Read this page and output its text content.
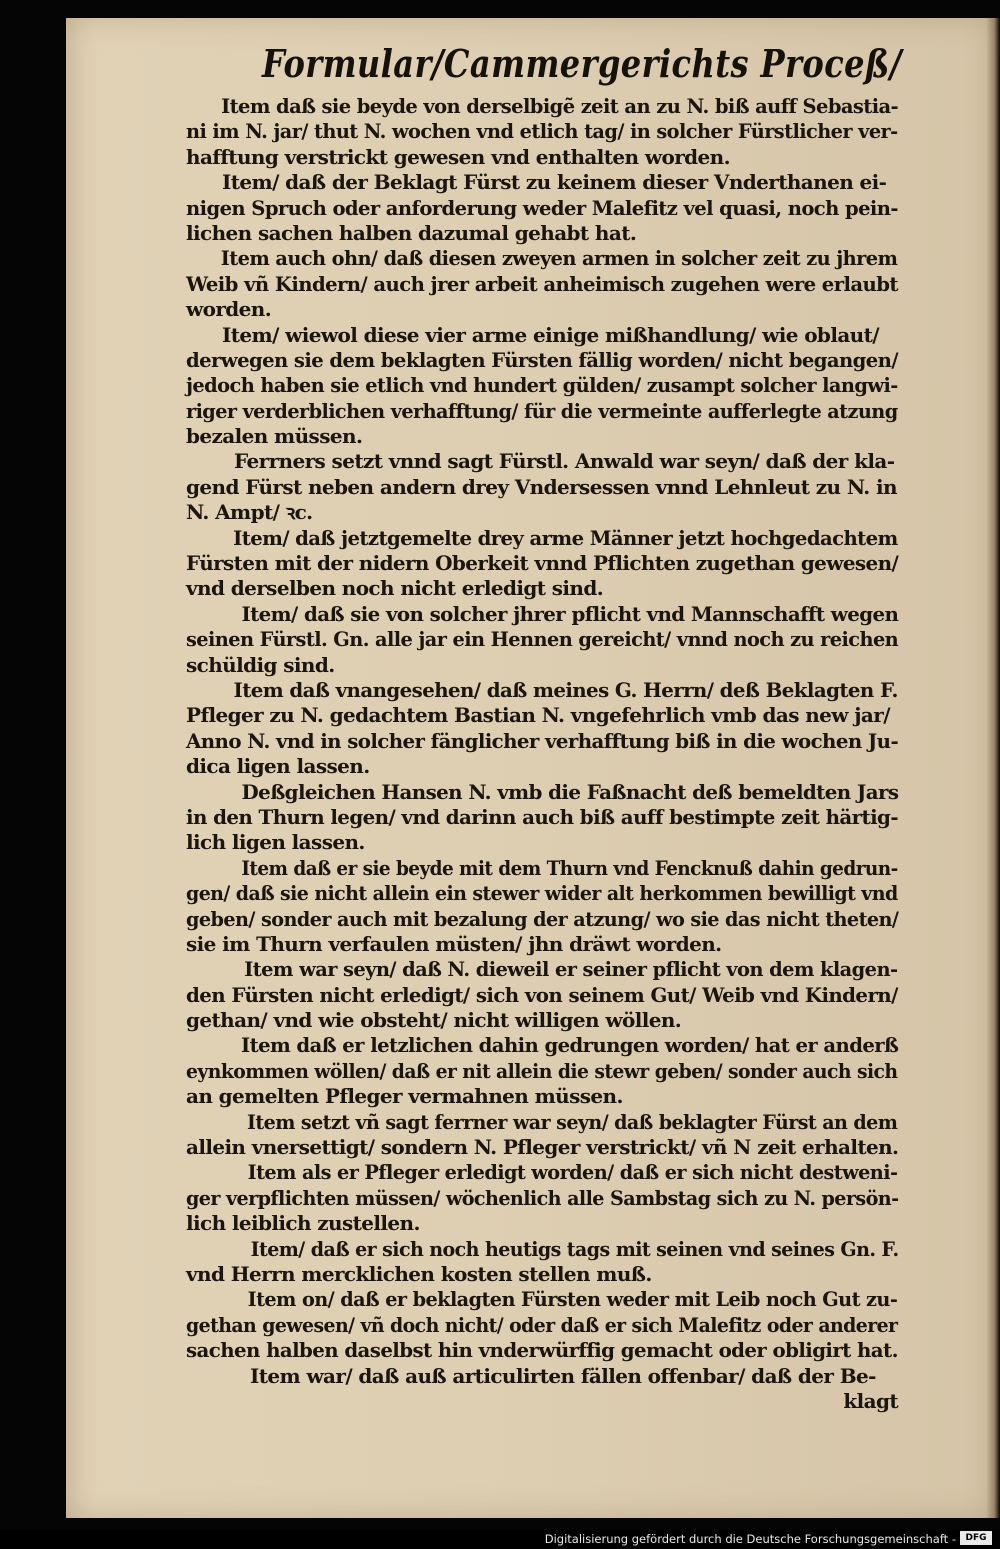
Formular/Cammergerichts Proceß/
Item daß sie beyde von derselbigẽ zeit an zu N. biß auff Sebastia-
ni im N. jar/ thut N. wochen vnd etlich tag/ in solcher Fürstlicher ver-
hafftung verstrickt gewesen vnd enthalten worden.
Item/ daß der Beklagt Fürst zu keinem dieser Vnderthanen ei-
nigen Spruch oder anforderung weder Malefitz vel quasi, noch pein-
lichen sachen halben dazumal gehabt hat.
Item auch ohn/ daß diesen zweyen armen in solcher zeit zu jhrem
Weib vñ Kindern/ auch jrer arbeit anheimisch zugehen were erlaubt
worden.
Item/ wiewol diese vier arme einige mißhandlung/ wie oblaut/
derwegen sie dem beklagten Fürsten fällig worden/ nicht begangen/
jedoch haben sie etlich vnd hundert gülden/ zusampt solcher langwi-
riger verderblichen verhafftung/ für die vermeinte aufferlegte atzung
bezalen müssen.
Ferrners setzt vnnd sagt Fürstl. Anwald war seyn/ daß der kla-
gend Fürst neben andern drey Vndersessen vnnd Lehnleut zu N. in
N. Ampt/ ꝛc.
Item/ daß jetztgemelte drey arme Männer jetzt hochgedachtem
Fürsten mit der nidern Oberkeit vnnd Pflichten zugethan gewesen/
vnd derselben noch nicht erledigt sind.
Item/ daß sie von solcher jhrer pflicht vnd Mannschafft wegen
seinen Fürstl. Gn. alle jar ein Hennen gereicht/ vnnd noch zu reichen
schüldig sind.
Item daß vnangesehen/ daß meines G. Herrn/ deß Beklagten F.
Pfleger zu N. gedachtem Bastian N. vngefehrlich vmb das new jar/
Anno N. vnd in solcher fänglicher verhafftung biß in die wochen Ju-
dica ligen lassen.
Deßgleichen Hansen N. vmb die Faßnacht deß bemeldten Jars
in den Thurn legen/ vnd darinn auch biß auff bestimpte zeit härtig-
lich ligen lassen.
Item daß er sie beyde mit dem Thurn vnd Fencknuß dahin gedrun-
gen/ daß sie nicht allein ein stewer wider alt herkommen bewilligt vnd
geben/ sonder auch mit bezalung der atzung/ wo sie das nicht theten/
sie im Thurn verfaulen müsten/ jhn dräwt worden.
Item war seyn/ daß N. dieweil er seiner pflicht von dem klagen-
den Fürsten nicht erledigt/ sich von seinem Gut/ Weib vnd Kindern/
gethan/ vnd wie obsteht/ nicht willigen wöllen.
Item daß er letzlichen dahin gedrungen worden/ hat er anderß
eynkommen wöllen/ daß er nit allein die stewr geben/ sonder auch sich
an gemelten Pfleger vermahnen müssen.
Item setzt vñ sagt ferrner war seyn/ daß beklagter Fürst an dem
allein vnersettigt/ sondern N. Pfleger verstrickt/ vñ N zeit erhalten.
Item als er Pfleger erledigt worden/ daß er sich nicht destweni-
ger verpflichten müssen/ wöchenlich alle Sambstag sich zu N. persön-
lich leiblich zustellen.
Item/ daß er sich noch heutigs tags mit seinen vnd seines Gn. F.
vnd Herrn mercklichen kosten stellen muß.
Item on/ daß er beklagten Fürsten weder mit Leib noch Gut zu-
gethan gewesen/ vñ doch nicht/ oder daß er sich Malefitz oder anderer
sachen halben daselbst hin vnderwürffig gemacht oder obligirt hat.
Item war/ daß auß articulirten fällen offenbar/ daß der Be-
klagt
Digitalisierung gefördert durch die Deutsche Forschungsgemeinschaft -	DFG
